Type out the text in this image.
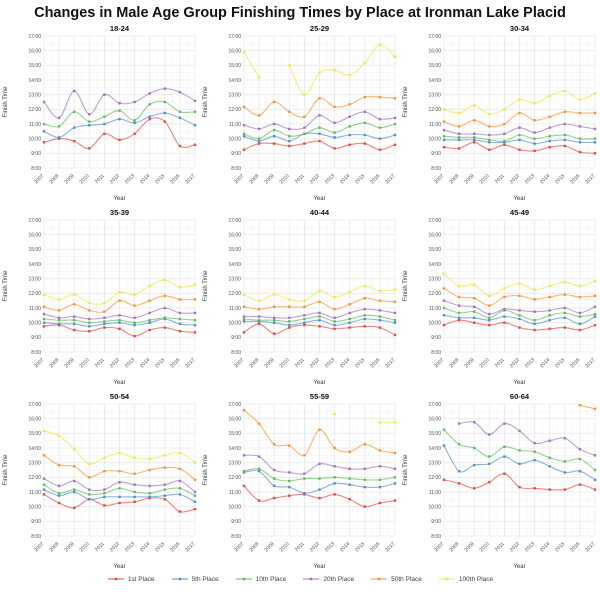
Changes in Male Age Group Finishing Times by Place at Ironman Lake Placid
18-24
8:00
9:00
10:00
11:00
12:00
13:00
14:00
15:00
16:00
17:00
2007 2008 2009 2010 2011 2012 2013 2014 2015 2016 2017
Year
Finish Time
25-29
8:00
9:00
10:00
11:00
12:00
13:00
14:00
15:00
16:00
17:00
2007 2008 2009 2010 2011 2012 2013 2014 2015 2016 2017
Year
Finish Time
30-34
8:00
9:00
10:00
11:00
12:00
13:00
14:00
15:00
16:00
17:00
2007 2008 2009 2010 2011 2012 2013 2014 2015 2016 2017
Year
Finish Time
35-39
8:00
9:00
10:00
11:00
12:00
13:00
14:00
15:00
16:00
17:00
2007 2008 2009 2010 2011 2012 2013 2014 2015 2016 2017
Year
Finish Time
40-44
8:00
9:00
10:00
11:00
12:00
13:00
14:00
15:00
16:00
17:00
2007 2008 2009 2010 2011 2012 2013 2014 2015 2016 2017
Year
Finish Time
45-49
8:00
9:00
10:00
11:00
12:00
13:00
14:00
15:00
16:00
17:00
2007 2008 2009 2010 2011 2012 2013 2014 2015 2016 2017
Year
Finish Time
50-54
8:00
9:00
10:00
11:00
12:00
13:00
14:00
15:00
16:00
17:00
2007 2008 2009 2010 2011 2012 2013 2014 2015 2016 2017
Year
Finish Time
55-59
8:00
9:00
10:00
11:00
12:00
13:00
14:00
15:00
16:00
17:00
2007 2008 2009 2010 2011 2012 2013 2014 2015 2016 2017
Year
Finish Time
60-64
8:00
9:00
10:00
11:00
12:00
13:00
14:00
15:00
16:00
17:00
2007 2008 2009 2010 2011 2012 2013 2014 2015 2016 2017
Year
Finish Time
1st Place	5th Place	10th Place	20th Place	50th Place	100th Place
